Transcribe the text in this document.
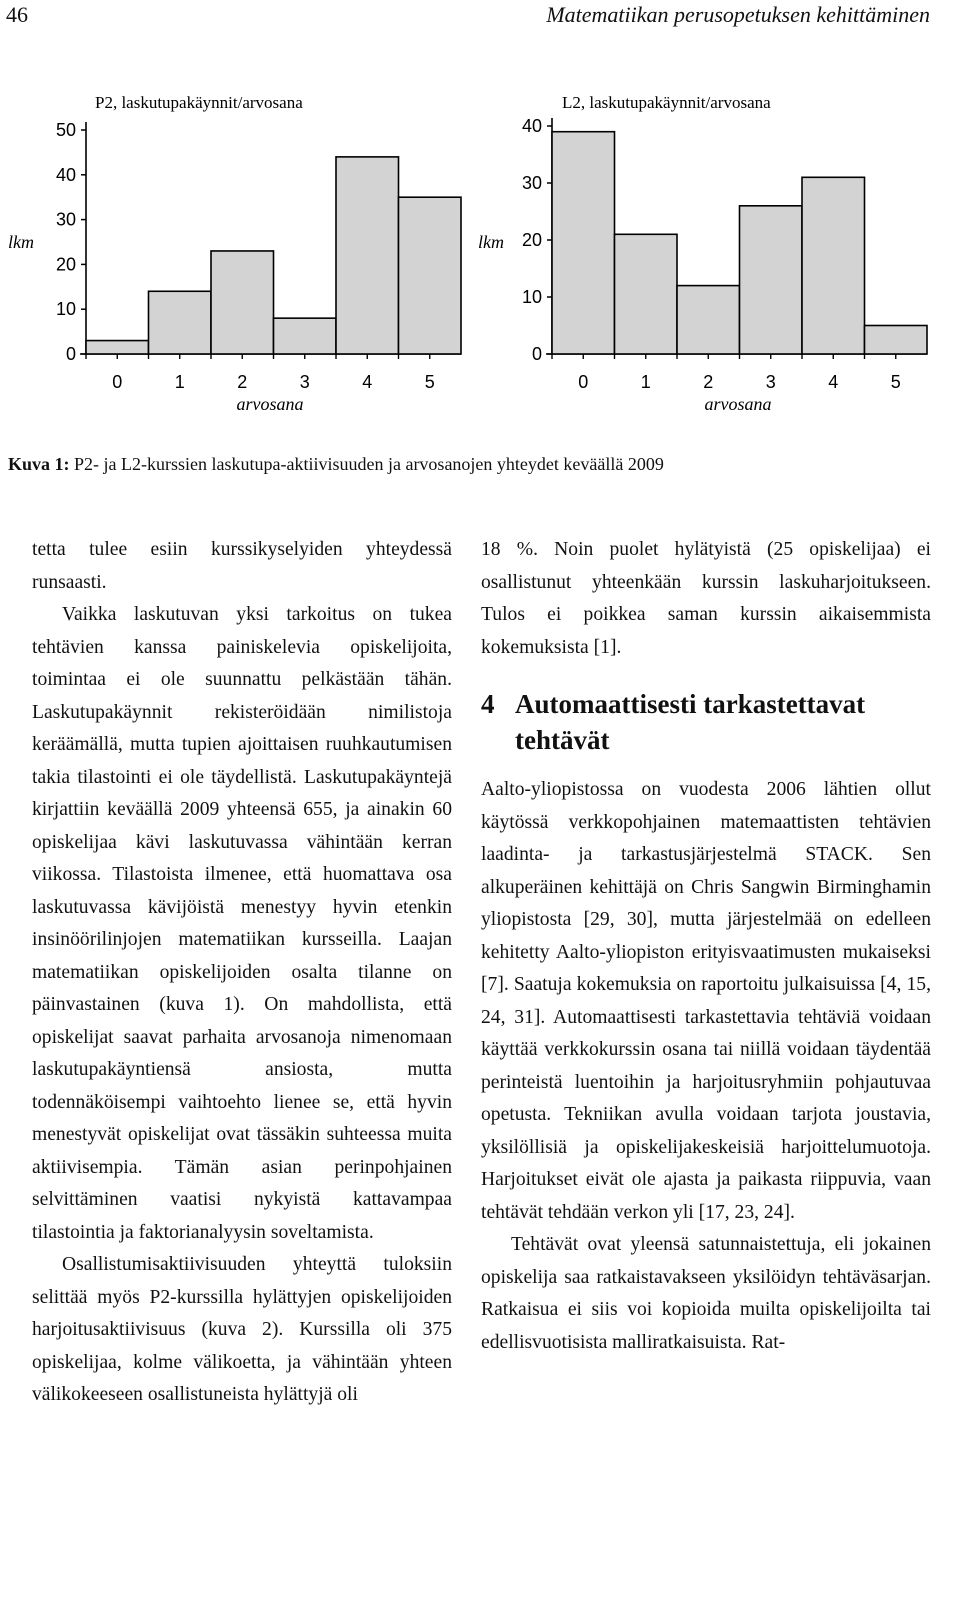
46	Matematiikan perusopetuksen kehittäminen
P2, laskutupakäynnit/arvosana
0
10
20
30
40
50
0	1	2	3	4	5
lkm
arvosana
L2, laskutupakäynnit/arvosana
0
10
20
30
40
0	1	2	3	4	5
lkm
arvosana
Kuva 1: P2- ja L2-kurssien laskutupa-aktiivisuuden ja arvosanojen yhteydet keväällä 2009

tetta tulee esiin kurssikyselyiden yhteydessä runsaasti.

Vaikka laskutuvan yksi tarkoitus on tukea tehtävien kanssa painiskelevia opiskelijoita, toimintaa ei ole suunnattu pelkästään tähän. Laskutupakäynnit rekisteröidään nimilistoja keräämällä, mutta tupien ajoittaisen ruuhkautumisen takia tilastointi ei ole täydellistä. Laskutupakäyntejä kirjattiin keväällä 2009 yhteensä 655, ja ainakin 60 opiskelijaa kävi laskutuvassa vähintään kerran viikossa. Tilastoista ilmenee, että huomattava osa laskutuvassa kävijöistä menestyy hyvin etenkin insinöörilinjojen matematiikan kursseilla. Laajan matematiikan opiskelijoiden osalta tilanne on päinvastainen (kuva 1). On mahdollista, että opiskelijat saavat parhaita arvosanoja nimenomaan laskutupakäyntiensä ansiosta, mutta todennäköisempi vaihtoehto lienee se, että hyvin menestyvät opiskelijat ovat tässäkin suhteessa muita aktiivisempia. Tämän asian perinpohjainen selvittäminen vaatisi nykyistä kattavampaa tilastointia ja faktorianalyysin soveltamista.

Osallistumisaktiivisuuden yhteyttä tuloksiin selittää myös P2-kurssilla hylättyjen opiskelijoiden harjoitusaktiivisuus (kuva 2). Kurssilla oli 375 opiskelijaa, kolme välikoetta, ja vähintään yhteen välikokeeseen osallistuneista hylättyjä oli

18 %. Noin puolet hylätyistä (25 opiskelijaa) ei osallistunut yhteenkään kurssin laskuharjoitukseen. Tulos ei poikkea saman kurssin aikaisemmista kokemuksista [1].

4 Automaattisesti tarkastettavat tehtävät

Aalto-yliopistossa on vuodesta 2006 lähtien ollut käytössä verkkopohjainen matemaattisten tehtävien laadinta- ja tarkastusjärjestelmä STACK. Sen alkuperäinen kehittäjä on Chris Sangwin Birminghamin yliopistosta [29, 30], mutta järjestelmää on edelleen kehitetty Aalto-yliopiston erityisvaatimusten mukaiseksi [7]. Saatuja kokemuksia on raportoitu julkaisuissa [4, 15, 24, 31]. Automaattisesti tarkastettavia tehtäviä voidaan käyttää verkkokurssin osana tai niillä voidaan täydentää perinteistä luentoihin ja harjoitusryhmiin pohjautuvaa opetusta. Tekniikan avulla voidaan tarjota joustavia, yksilöllisiä ja opiskelijakeskeisiä harjoittelumuotoja. Harjoitukset eivät ole ajasta ja paikasta riippuvia, vaan tehtävät tehdään verkon yli [17, 23, 24].

Tehtävät ovat yleensä satunnaistettuja, eli jokainen opiskelija saa ratkaistavakseen yksilöidyn tehtäväsarjan. Ratkaisua ei siis voi kopioida muilta opiskelijoilta tai edellisvuotisista malliratkaisuista. Rat-
